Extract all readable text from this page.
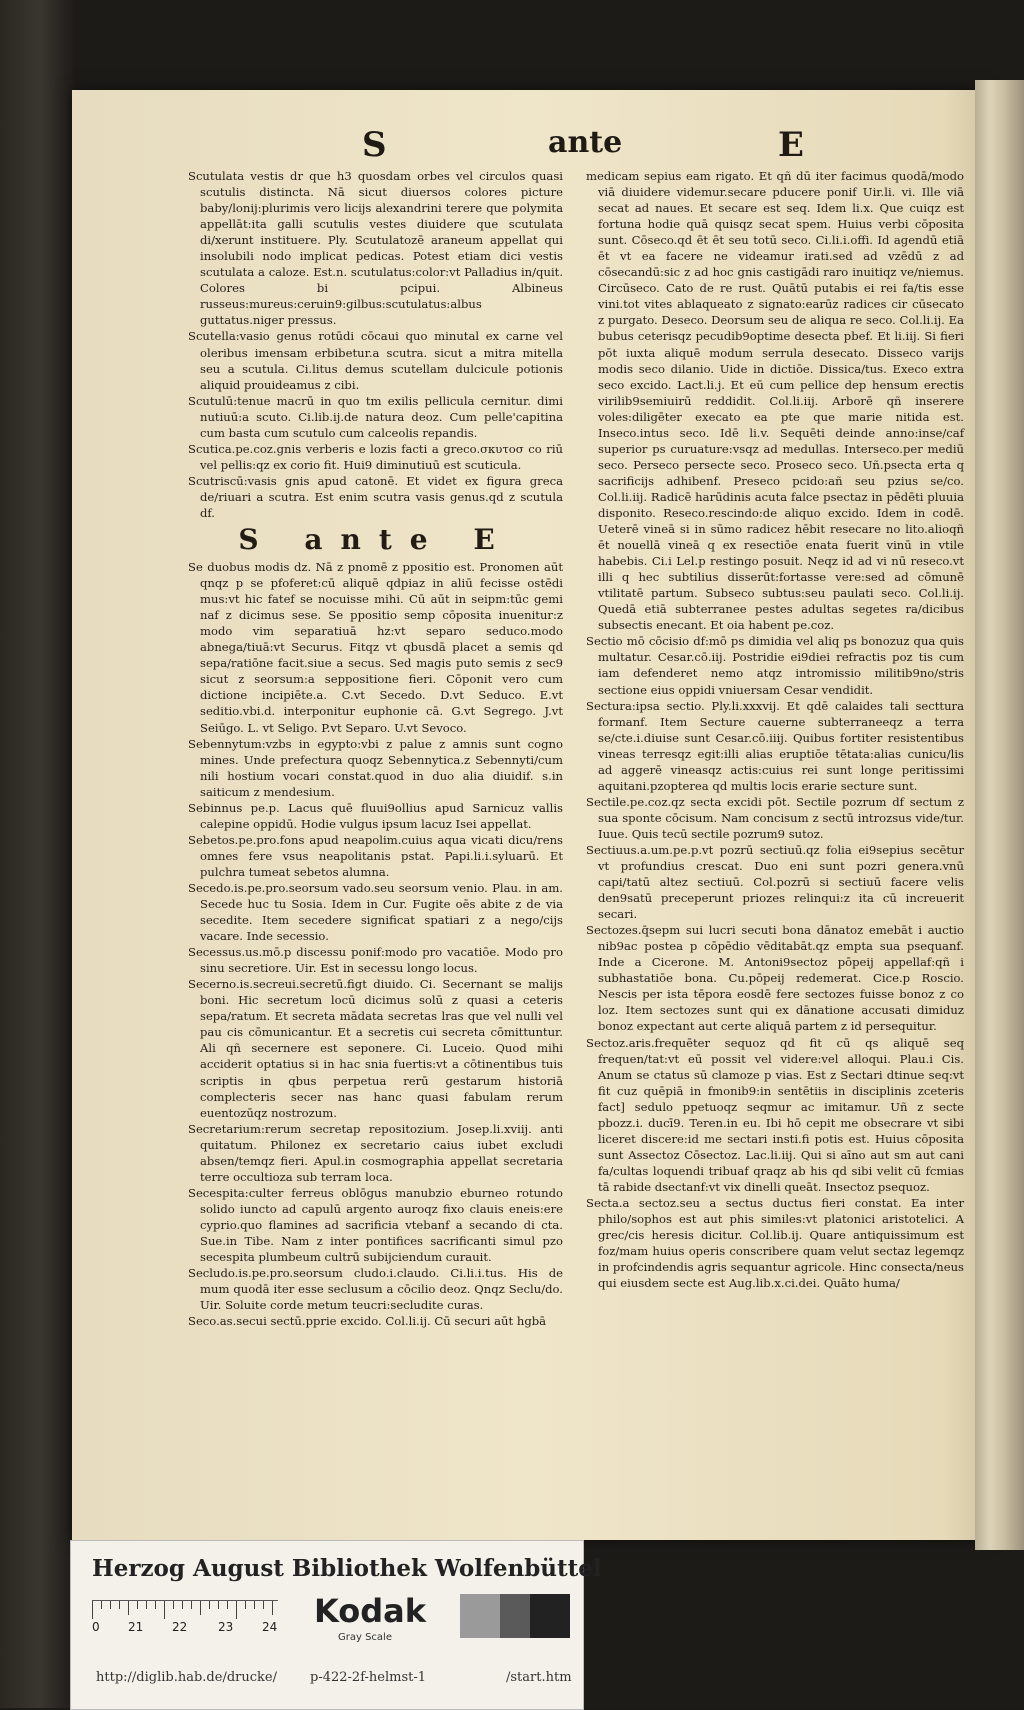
S	ante	E

Scutulata vestis dr que h3 quosdam orbes vel circulos quasi scutulis distincta. Nā sicut diuersos colores picture baby/lonij:plurimis vero licijs alexandrini terere que polymita appellāt:ita galli scutulis vestes diuidere que scutulata di/xerunt instituere. Ply. Scutulatozē araneum appellat qui insolubili nodo implicat pedicas. Potest etiam dici vestis scutulata a caloze. Est.n. scutulatus:color:vt Palladius in/quit. Colores bi pcipui. Albineus russeus:mureus:ceruin9:gilbus:scutulatus:albus guttatus.niger pressus.

Scutella:vasio genus rotūdi cōcaui quo minutal ex carne vel oleribus imensam erbibetur.a scutra. sicut a mitra mitella seu a scutula. Ci.litus demus scutellam dulcicule potionis aliquid prouideamus z cibi.

Scutulū:tenue macrū in quo tm exilis pellicula cernitur. dimi nutiuū:a scuto. Ci.lib.ij.de natura deoz. Cum pelle'capitina cum basta cum scutulo cum calceolis repandis.

Scutica.pe.coz.gnis verberis e lozis facti a greco.σκυτοσ co riū vel pellis:qz ex corio fit. Hui9 diminutiuū est scuticula.

Scutriscū:vasis gnis apud catonē. Et videt ex figura greca de/riuari a scutra. Est enim scutra vasis genus.qd z scutula df.

S ante E

Se duobus modis dz. Nā z pnomē z ppositio est. Pronomen aūt qnqz p se pfoferet:cū aliquē qdpiaz in aliū fecisse ostēdi mus:vt hic fatef se nocuisse mihi. Cū aūt in seipm:tūc gemi naf z dicimus sese. Se ppositio semp cōposita inuenitur:z modo vim separatiuā hz:vt separo seduco.modo abnega/tiuā:vt Securus. Fitqz vt qbusdā placet a semis qd sepa/ratiōne facit.siue a secus. Sed magis puto semis z sec9 sicut z seorsum:a seppositione fieri. Cōponit vero cum dictione incipiēte.a. C.vt Secedo. D.vt Seduco. E.vt seditio.vbi.d. interponitur euphonie cā. G.vt Segrego. J.vt Seiūgo. L. vt Seligo. P.vt Separo. U.vt Sevoco.

Sebennytum:vzbs in egypto:vbi z palue z amnis sunt cogno mines. Unde prefectura quoqz Sebennytica.z Sebennyti/cum nili hostium vocari constat.quod in duo alia diuidif. s.in saiticum z mendesium.

Sebinnus pe.p. Lacus quē fluui9ollius apud Sarnicuz vallis calepine oppidū. Hodie vulgus ipsum lacuz Isei appellat.

Sebetos.pe.pro.fons apud neapolim.cuius aqua vicati dicu/rens omnes fere vsus neapolitanis pstat. Papi.li.i.syluarū. Et pulchra tumeat sebetos alumna.

Secedo.is.pe.pro.seorsum vado.seu seorsum venio. Plau. in am. Secede huc tu Sosia. Idem in Cur. Fugite oēs abite z de via secedite. Item secedere significat spatiari z a nego/cijs vacare. Inde secessio.

Secessus.us.mō.p discessu ponif:modo pro vacatiōe. Modo pro sinu secretiore. Uir. Est in secessu longo locus.

Secerno.is.secreui.secretū.figt diuido. Ci. Secernant se malijs boni. Hic secretum locū dicimus solū z quasi a ceteris sepa/ratum. Et secreta mādata secretas lras que vel nulli vel pau cis cōmunicantur. Et a secretis cui secreta cōmittuntur. Ali qñ secernere est seponere. Ci. Luceio. Quod mihi acciderit optatius si in hac snia fuertis:vt a cōtinentibus tuis scriptis in qbus perpetua rerū gestarum historiā complecteris secer nas hanc quasi fabulam rerum euentozūqz nostrozum.

Secretarium:rerum secretap repositozium. Josep.li.xviij. anti quitatum. Philonez ex secretario caius iubet excludi absen/temqz fieri. Apul.in cosmographia appellat secretaria terre occultioza sub terram loca.

Secespita:culter ferreus oblōgus manubzio eburneo rotundo solido iuncto ad capulū argento auroqz fixo clauis eneis:ere cyprio.quo flamines ad sacrificia vtebanf a secando di cta. Sue.in Tibe. Nam z inter pontifices sacrificanti simul pzo secespita plumbeum cultrū subijciendum curauit.

Secludo.is.pe.pro.seorsum cludo.i.claudo. Ci.li.i.tus. His de mum quodā iter esse seclusum a cōcilio deoz. Qnqz Seclu/do. Uir. Soluite corde metum teucri:secludite curas.

Seco.as.secui sectū.pprie excido. Col.li.ij. Cū securi aūt hgbā

medicam sepius eam rigato. Et qñ dū iter facimus quodā/modo viā diuidere videmur.secare pducere ponif Uir.li. vi. Ille viā secat ad naues. Et secare est seq. Idem li.x. Que cuiqz est fortuna hodie quā quisqz secat spem. Huius verbi cōposita sunt. Cōseco.qd ēt ēt seu totū seco. Ci.li.i.offi. Id agendū etiā ēt vt ea facere ne videamur irati.sed ad vzēdū z ad cōsecandū:sic z ad hoc gnis castigādi raro inuitiqz ve/niemus. Circūseco. Cato de re rust. Quātū putabis ei rei fa/tis esse vini.tot vites ablaqueato z signato:earūz radices cir cūsecato z purgato. Deseco. Deorsum seu de aliqua re seco. Col.li.ij. Ea bubus ceterisqz pecudib9optime desecta pbef. Et li.iij. Si fieri pōt iuxta aliquē modum serrula desecato. Disseco varijs modis seco dilanio. Uide in dictiōe. Dissica/tus. Execo extra seco excido. Lact.li.j. Et eū cum pellice dep hensum erectis virilib9semiuirū reddidit. Col.li.iij. Arborē qñ inserere voles:diligēter execato ea pte que marie nitida est. Inseco.intus seco. Idē li.v. Sequēti deinde anno:inse/caf superior ps curuature:vsqz ad medullas. Interseco.per mediū seco. Perseco persecte seco. Proseco seco. Uñ.psecta erta q sacrificijs adhibenf. Preseco pcido:añ seu pzius se/co. Col.li.iij. Radicē harūdinis acuta falce psectaz in pēdēti pluuia disponito. Reseco.rescindo:de aliquo excido. Idem in codē. Ueterē vineā si in sūmo radicez hēbit resecare no lito.alioqñ ēt nouellā vineā q ex resectiōe enata fuerit vinū in vtile habebis. Ci.i Lel.p restingo posuit. Neqz id ad vi nū reseco.vt illi q hec subtilius disserūt:fortasse vere:sed ad cōmunē vtilitatē partum. Subseco subtus:seu paulati seco. Col.li.ij. Quedā etiā subterranee pestes adultas segetes ra/dicibus subsectis enecant. Et oia habent pe.coz.

Sectio mō cōcisio df:mō ps dimidia vel aliq ps bonozuz qua quis multatur. Cesar.cō.iij. Postridie ei9diei refractis poz tis cum iam defenderet nemo atqz intromissio militib9no/stris sectione eius oppidi vniuersam Cesar vendidit.

Sectura:ipsa sectio. Ply.li.xxxvij. Et qdē calaides tali secttura formanf. Item Secture cauerne subterraneeqz a terra se/cte.i.diuise sunt Cesar.cō.iiij. Quibus fortiter resistentibus vineas terresqz egit:illi alias eruptiōe tētata:alias cunicu/lis ad aggerē vineasqz actis:cuius rei sunt longe peritissimi aquitani.pzopterea qd multis locis erarie secture sunt.

Sectile.pe.coz.qz secta excidi pōt. Sectile pozrum df sectum z sua sponte cōcisum. Nam concisum z sectū introzsus vide/tur. Iuue. Quis tecū sectile pozrum9 sutoz.

Sectiuus.a.um.pe.p.vt pozrū sectiuū.qz folia ei9sepius secētur vt profundius crescat. Duo eni sunt pozri genera.vnū capi/tatū altez sectiuū. Col.pozrū si sectiuū facere velis den9satū preceperunt priozes relinqui:z ita cū increuerit secari.

Sectozes.q̄sepm sui lucri secuti bona dānatoz emebāt i auctio nib9ac postea p cōpēdio vēditabāt.qz empta sua psequanf. Inde a Cicerone. M. Antoni9sectoz pōpeij appellaf:qñ i subhastatiōe bona. Cu.pōpeij redemerat. Cice.p Roscio. Nescis per ista tēpora eosdē fere sectozes fuisse bonoz z co loz. Item sectozes sunt qui ex dānatione accusati dimiduz bonoz expectant aut certe aliquā partem z id persequitur.

Sectoz.aris.frequēter sequoz qd fit cū qs aliquē seq frequen/tat:vt eū possit vel videre:vel alloqui. Plau.i Cis. Anum se ctatus sū clamoze p vias. Est z Sectari dtinue seq:vt fit cuz quēpiā in fmonib9:in sentētiis in disciplinis zceteris fact] sedulo ppetuoqz seqmur ac imitamur. Uñ z secte pbozz.i. ducī9. Teren.in eu. Ibi hō cepit me obsecrare vt sibi liceret discere:id me sectari insti.fi potis est. Huius cōposita sunt Assectoz Cōsectoz. Lac.li.iij. Qui si aīno aut sm aut cani fa/cultas loquendi tribuaf qraqz ab his qd sibi velit cū fcmias tā rabide dsectanf:vt vix dinelli queāt. Insectoz psequoz.

Secta.a sectoz.seu a sectus ductus fieri constat. Ea inter philo/sophos est aut phis similes:vt platonici aristotelici. A grec/cis heresis dicitur. Col.lib.ij. Quare antiquissimum est foz/mam huius operis conscribere quam velut sectaz legemqz in profcindendis agris sequantur agricole. Hinc consecta/neus qui eiusdem secte est Aug.lib.x.ci.dei. Quāto huma/

Herzog August Bibliothek Wolfenbüttel
0 21 22	23 24 Kodak
Gray Scale
http://diglib.hab.de/drucke/	p-422-2f-helmst-1	/start.htm
